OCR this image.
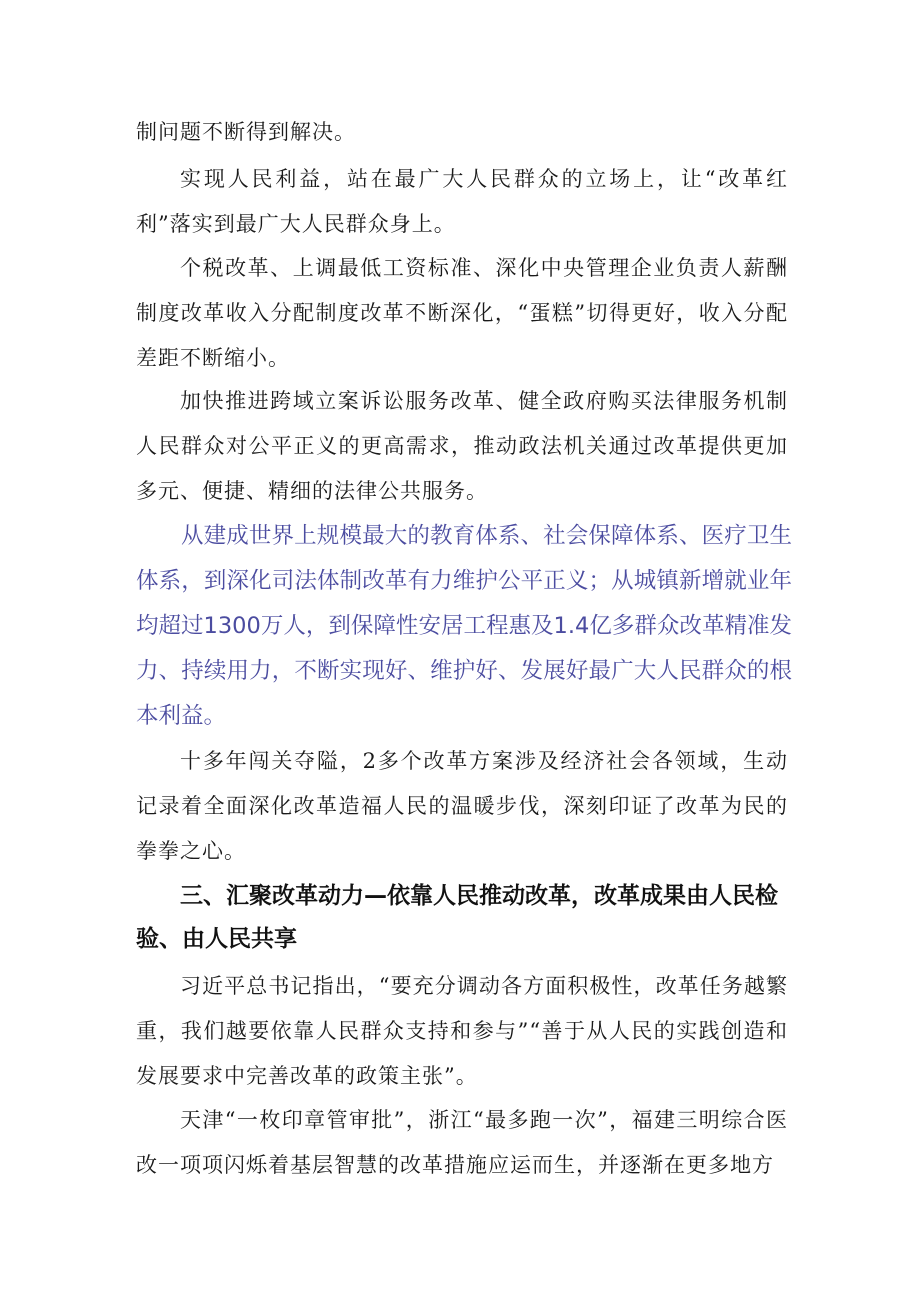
制问题不断得到解决。

实现人民利益，站在最广大人民群众的立场上，让“改革红利”落实到最广大人民群众身上。

个税改革、上调最低工资标准、深化中央管理企业负责人薪酬制度改革收入分配制度改革不断深化，“蛋糕”切得更好，收入分配差距不断缩小。

加快推进跨域立案诉讼服务改革、健全政府购买法律服务机制人民群众对公平正义的更高需求，推动政法机关通过改革提供更加多元、便捷、精细的法律公共服务。

从建成世界上规模最大的教育体系、社会保障体系、医疗卫生体系，到深化司法体制改革有力维护公平正义；从城镇新增就业年均超过1300万人，到保障性安居工程惠及1.4亿多群众改革精准发力、持续用力，不断实现好、维护好、发展好最广大人民群众的根本利益。

十多年闯关夺隘，2多个改革方案涉及经济社会各领域，生动记录着全面深化改革造福人民的温暖步伐，深刻印证了改革为民的拳拳之心。

三、汇聚改革动力—依靠人民推动改革，改革成果由人民检验、由人民共享

习近平总书记指出，“要充分调动各方面积极性，改革任务越繁重，我们越要依靠人民群众支持和参与”“善于从人民的实践创造和发展要求中完善改革的政策主张”。

天津“一枚印章管审批”，浙江“最多跑一次”，福建三明综合医改一项项闪烁着基层智慧的改革措施应运而生，并逐渐在更多地方
